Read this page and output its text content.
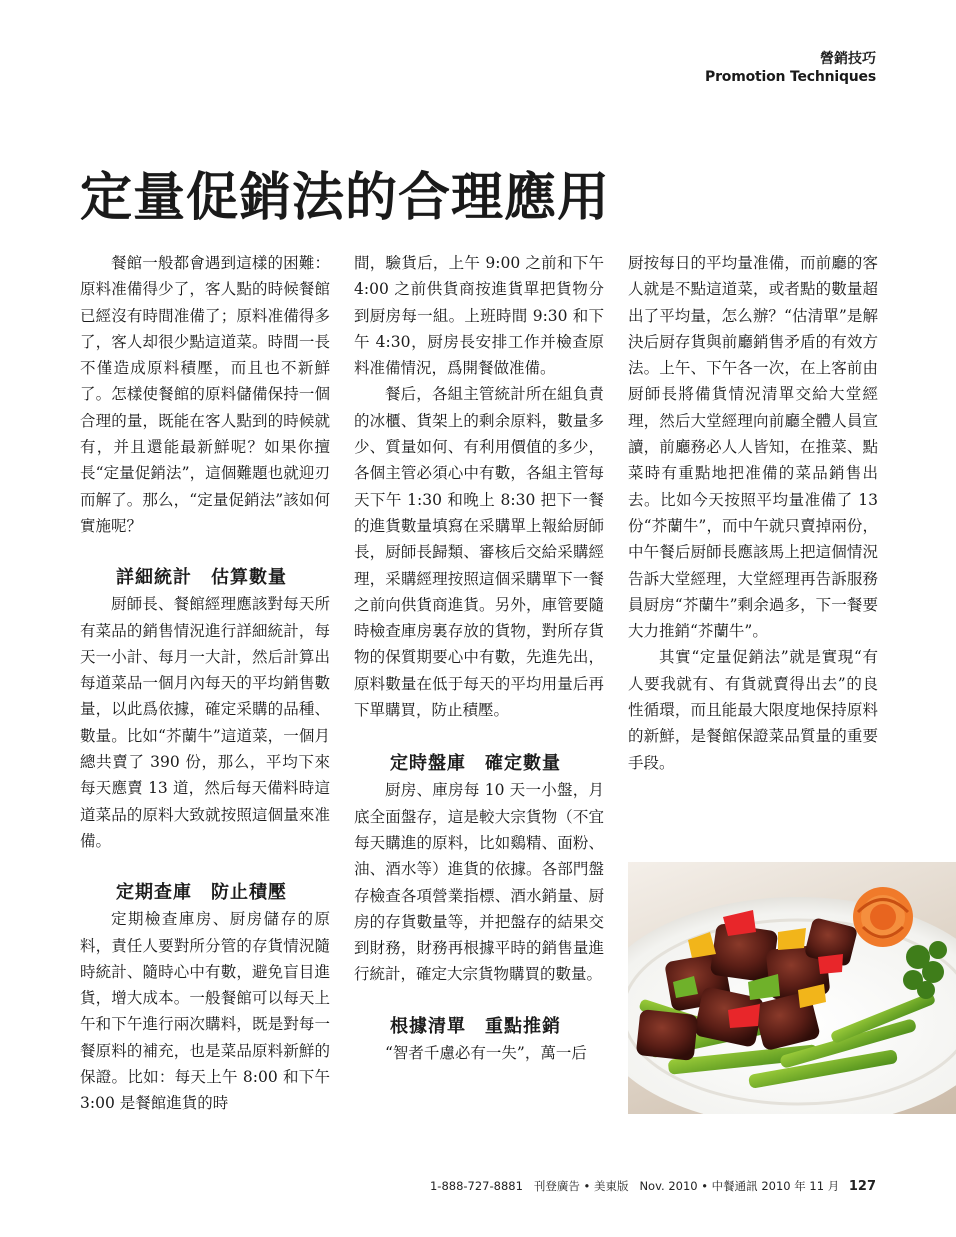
營銷技巧
Promotion Techniques
定量促銷法的合理應用

餐館一般都會遇到這樣的困難：原料准備得少了，客人點的時候餐館已經沒有時間准備了；原料准備得多了，客人却很少點這道菜。時間一長不僅造成原料積壓，而且也不新鮮了。怎樣使餐館的原料儲備保持一個合理的量，既能在客人點到的時候就有，并且還能最新鮮呢？如果你擅長“定量促銷法”，這個難題也就迎刃而解了。那么，“定量促銷法”該如何實施呢？

詳細統計　估算數量

厨師長、餐館經理應該對每天所有菜品的銷售情況進行詳細統計，每天一小計、每月一大計，然后計算出每道菜品一個月內每天的平均銷售數量，以此爲依據，確定采購的品種、數量。比如“芥蘭牛”這道菜，一個月總共賣了 390 份，那么，平均下來每天應賣 13 道，然后每天備料時這道菜品的原料大致就按照這個量來准備。

定期查庫　防止積壓

定期檢查庫房、厨房儲存的原料，責任人要對所分管的存貨情況隨時統計、隨時心中有數，避免盲目進貨，增大成本。一般餐館可以每天上午和下午進行兩次購料，既是對每一餐原料的補充，也是菜品原料新鮮的保證。比如：每天上午 8:00 和下午 3:00 是餐館進貨的時

間，驗貨后，上午 9:00 之前和下午 4:00 之前供貨商按進貨單把貨物分到厨房每一組。上班時間 9:30 和下午 4:30，厨房長安排工作并檢查原料准備情況，爲開餐做准備。

餐后，各組主管統計所在組負責的冰櫃、貨架上的剩余原料，數量多少、質量如何、有利用價值的多少，各個主管必須心中有數，各組主管每天下午 1:30 和晚上 8:30 把下一餐的進貨數量填寫在采購單上報給厨師長，厨師長歸類、審核后交給采購經理，采購經理按照這個采購單下一餐之前向供貨商進貨。另外，庫管要隨時檢查庫房裏存放的貨物，對所存貨物的保質期要心中有數，先進先出，原料數量在低于每天的平均用量后再下單購買，防止積壓。

定時盤庫　確定數量

厨房、庫房每 10 天一小盤，月底全面盤存，這是較大宗貨物（不宜每天購進的原料，比如鷄精、面粉、油、酒水等）進貨的依據。各部門盤存檢查各項營業指標、酒水銷量、厨房的存貨數量等，并把盤存的結果交到財務，財務再根據平時的銷售量進行統計，確定大宗貨物購買的數量。

根據清單　重點推銷

“智者千慮必有一失”，萬一后

厨按每日的平均量准備，而前廳的客人就是不點這道菜，或者點的數量超出了平均量，怎么辦？“估清單”是解決后厨存貨與前廳銷售矛盾的有效方法。上午、下午各一次，在上客前由厨師長將備貨情況清單交給大堂經理，然后大堂經理向前廳全體人員宣讀，前廳務必人人皆知，在推菜、點菜時有重點地把准備的菜品銷售出去。比如今天按照平均量准備了 13 份“芥蘭牛”，而中午就只賣掉兩份，中午餐后厨師長應該馬上把這個情況告訴大堂經理，大堂經理再告訴服務員厨房“芥蘭牛”剩余過多，下一餐要大力推銷“芥蘭牛”。

其實“定量促銷法”就是實現“有人要我就有、有貨就賣得出去”的良性循環，而且能最大限度地保持原料的新鮮，是餐館保證菜品質量的重要手段。

1-888-727-8881 刊登廣告 • 美東版 Nov. 2010 • 中餐通訊 2010 年 11 月 127
